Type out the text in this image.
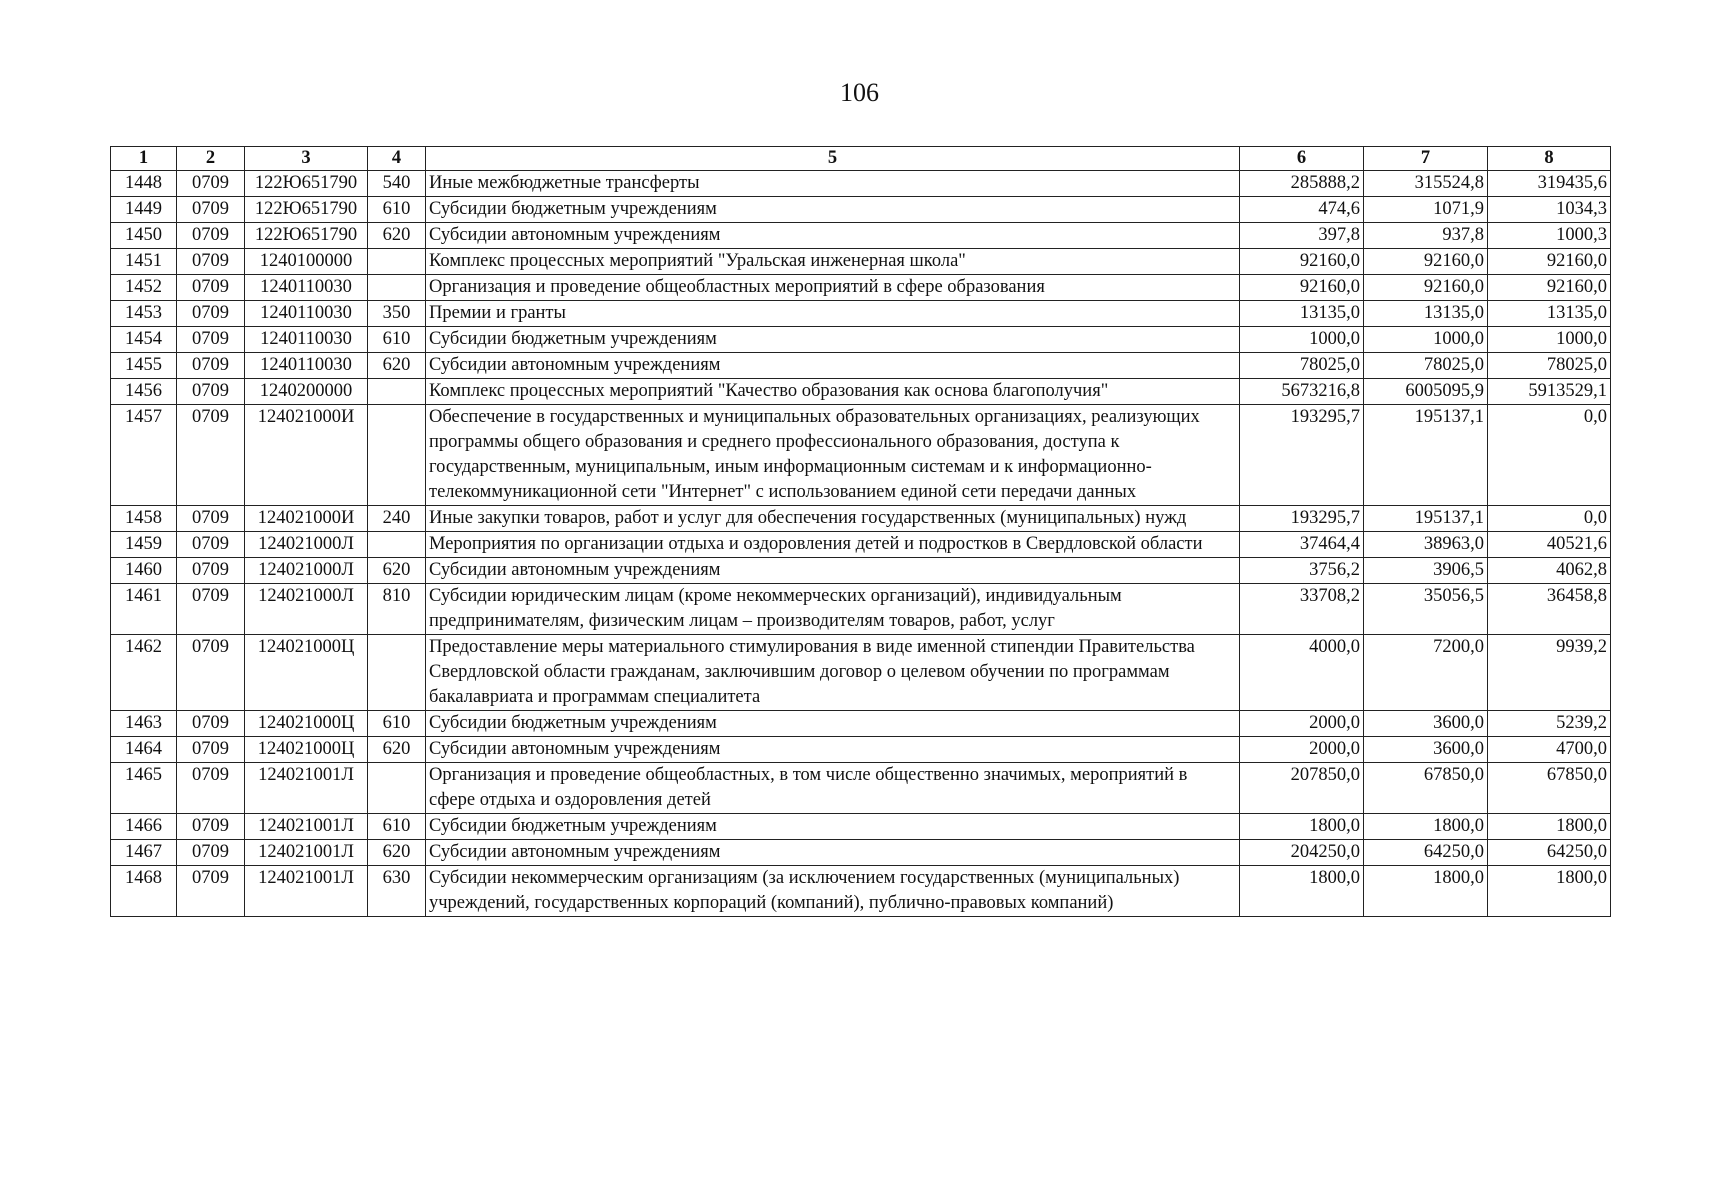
106
1	2	3	4	5	6	7	8
1448	0709	122Ю651790	540	Иные межбюджетные трансферты	285888,2	315524,8	319435,6
1449	0709	122Ю651790	610	Субсидии бюджетным учреждениям	474,6	1071,9	1034,3
1450	0709	122Ю651790	620	Субсидии автономным учреждениям	397,8	937,8	1000,3
1451	0709	1240100000		Комплекс процессных мероприятий "Уральская инженерная школа"	92160,0	92160,0	92160,0
1452	0709	1240110030		Организация и проведение общеобластных мероприятий в сфере образования	92160,0	92160,0	92160,0
1453	0709	1240110030	350	Премии и гранты	13135,0	13135,0	13135,0
1454	0709	1240110030	610	Субсидии бюджетным учреждениям	1000,0	1000,0	1000,0
1455	0709	1240110030	620	Субсидии автономным учреждениям	78025,0	78025,0	78025,0
1456	0709	1240200000		Комплекс процессных мероприятий "Качество образования как основа благополучия"	5673216,8	6005095,9	5913529,1
1457	0709	124021000И		Обеспечение в государственных и муниципальных образовательных организациях, реализующих программы общего образования и среднего профессионального образования, доступа к государственным, муниципальным, иным информационным системам и к информационно-телекоммуникационной сети "Интернет" с использованием единой сети передачи данных	193295,7	195137,1	0,0
1458	0709	124021000И	240	Иные закупки товаров, работ и услуг для обеспечения государственных (муниципальных) нужд	193295,7	195137,1	0,0
1459	0709	124021000Л		Мероприятия по организации отдыха и оздоровления детей и подростков в Свердловской области	37464,4	38963,0	40521,6
1460	0709	124021000Л	620	Субсидии автономным учреждениям	3756,2	3906,5	4062,8
1461	0709	124021000Л	810	Субсидии юридическим лицам (кроме некоммерческих организаций), индивидуальным предпринимателям, физическим лицам – производителям товаров, работ, услуг	33708,2	35056,5	36458,8
1462	0709	124021000Ц		Предоставление меры материального стимулирования в виде именной стипендии Правительства Свердловской области гражданам, заключившим договор о целевом обучении по программам бакалавриата и программам специалитета	4000,0	7200,0	9939,2
1463	0709	124021000Ц	610	Субсидии бюджетным учреждениям	2000,0	3600,0	5239,2
1464	0709	124021000Ц	620	Субсидии автономным учреждениям	2000,0	3600,0	4700,0
1465	0709	124021001Л		Организация и проведение общеобластных, в том числе общественно значимых, мероприятий в сфере отдыха и оздоровления детей	207850,0	67850,0	67850,0
1466	0709	124021001Л	610	Субсидии бюджетным учреждениям	1800,0	1800,0	1800,0
1467	0709	124021001Л	620	Субсидии автономным учреждениям	204250,0	64250,0	64250,0
1468	0709	124021001Л	630	Субсидии некоммерческим организациям (за исключением государственных (муниципальных) учреждений, государственных корпораций (компаний), публично-правовых компаний)	1800,0	1800,0	1800,0
